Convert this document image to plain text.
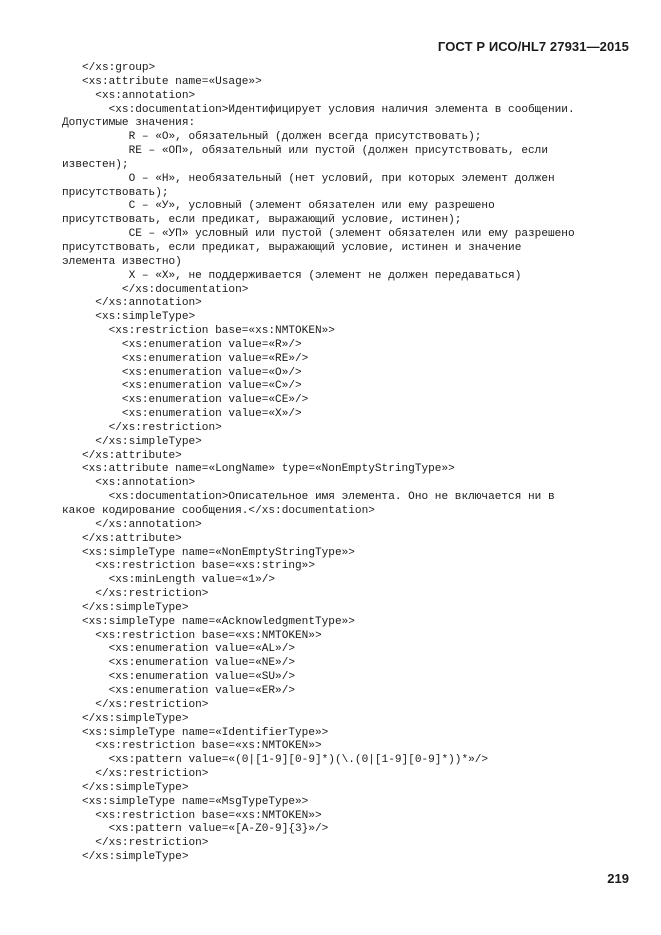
ГОСТ Р ИСО/HL7 27931—2015
</xs:group>
<xs:attribute name=«Usage»>
<xs:annotation>
<xs:documentation>Идентифицирует условия наличия элемента в сообщении.
Допустимые значения:
R – «О», обязательный (должен всегда присутствовать);
RE – «ОП», обязательный или пустой (должен присутствовать, если
известен);
O – «Н», необязательный (нет условий, при которых элемент должен
присутствовать);
C – «У», условный (элемент обязателен или ему разрешено
присутствовать, если предикат, выражающий условие, истинен);
CE – «УП» условный или пустой (элемент обязателен или ему разрешено
присутствовать, если предикат, выражающий условие, истинен и значение
элемента известно)
X – «Х», не поддерживается (элемент не должен передаваться)
</xs:documentation>
</xs:annotation>
<xs:simpleType>
<xs:restriction base=«xs:NMTOKEN»>
<xs:enumeration value=«R»/>
<xs:enumeration value=«RE»/>
<xs:enumeration value=«O»/>
<xs:enumeration value=«C»/>
<xs:enumeration value=«CE»/>
<xs:enumeration value=«X»/>
</xs:restriction>
</xs:simpleType>
</xs:attribute>
<xs:attribute name=«LongName» type=«NonEmptyStringType»>
<xs:annotation>
<xs:documentation>Описательное имя элемента. Оно не включается ни в
какое кодирование сообщения.</xs:documentation>
</xs:annotation>
</xs:attribute>
<xs:simpleType name=«NonEmptyStringType»>
<xs:restriction base=«xs:string»>
<xs:minLength value=«1»/>
</xs:restriction>
</xs:simpleType>
<xs:simpleType name=«AcknowledgmentType»>
<xs:restriction base=«xs:NMTOKEN»>
<xs:enumeration value=«AL»/>
<xs:enumeration value=«NE»/>
<xs:enumeration value=«SU»/>
<xs:enumeration value=«ER»/>
</xs:restriction>
</xs:simpleType>
<xs:simpleType name=«IdentifierType»>
<xs:restriction base=«xs:NMTOKEN»>
<xs:pattern value=«(0|[1-9][0-9]*)(\.(0|[1-9][0-9]*))*»/>
</xs:restriction>
</xs:simpleType>
<xs:simpleType name=«MsgTypeType»>
<xs:restriction base=«xs:NMTOKEN»>
<xs:pattern value=«[A-Z0-9]{3}»/>
</xs:restriction>
</xs:simpleType>
219
